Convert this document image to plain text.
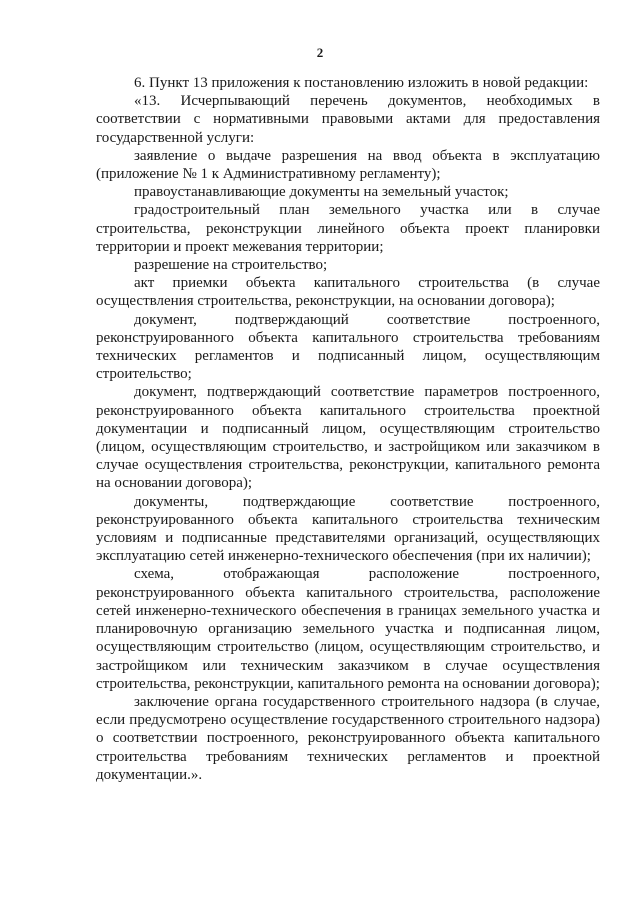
2

6. Пункт 13 приложения к постановлению изложить в новой редакции:

«13. Исчерпывающий перечень документов, необходимых в соответствии с нормативными правовыми актами для предоставления государственной услуги:

заявление о выдаче разрешения на ввод объекта в эксплуатацию (приложение № 1 к Административному регламенту);

правоустанавливающие документы на земельный участок;

градостроительный план земельного участка или в случае строительства, реконструкции линейного объекта проект планировки территории и проект межевания территории;

разрешение на строительство;

акт приемки объекта капитального строительства (в случае осуществления строительства, реконструкции, на основании договора);

документ, подтверждающий соответствие построенного, реконструированного объекта капитального строительства требованиям технических регламентов и подписанный лицом, осуществляющим строительство;

документ, подтверждающий соответствие параметров построенного, реконструированного объекта капитального строительства проектной документации и подписанный лицом, осуществляющим строительство (лицом, осуществляющим строительство, и застройщиком или заказчиком в случае осуществления строительства, реконструкции, капитального ремонта на основании договора);

документы, подтверждающие соответствие построенного, реконструированного объекта капитального строительства техническим условиям и подписанные представителями организаций, осуществляющих эксплуатацию сетей инженерно-технического обеспечения (при их наличии);

схема, отображающая расположение построенного, реконструированного объекта капитального строительства, расположение сетей инженерно-технического обеспечения в границах земельного участка и планировочную организацию земельного участка и подписанная лицом, осуществляющим строительство (лицом, осуществляющим строительство, и застройщиком или техническим заказчиком в случае осуществления строительства, реконструкции, капитального ремонта на основании договора);

заключение органа государственного строительного надзора (в случае, если предусмотрено осуществление государственного строительного надзора) о соответствии построенного, реконструированного объекта капитального строительства требованиям технических регламентов и проектной документации.».
